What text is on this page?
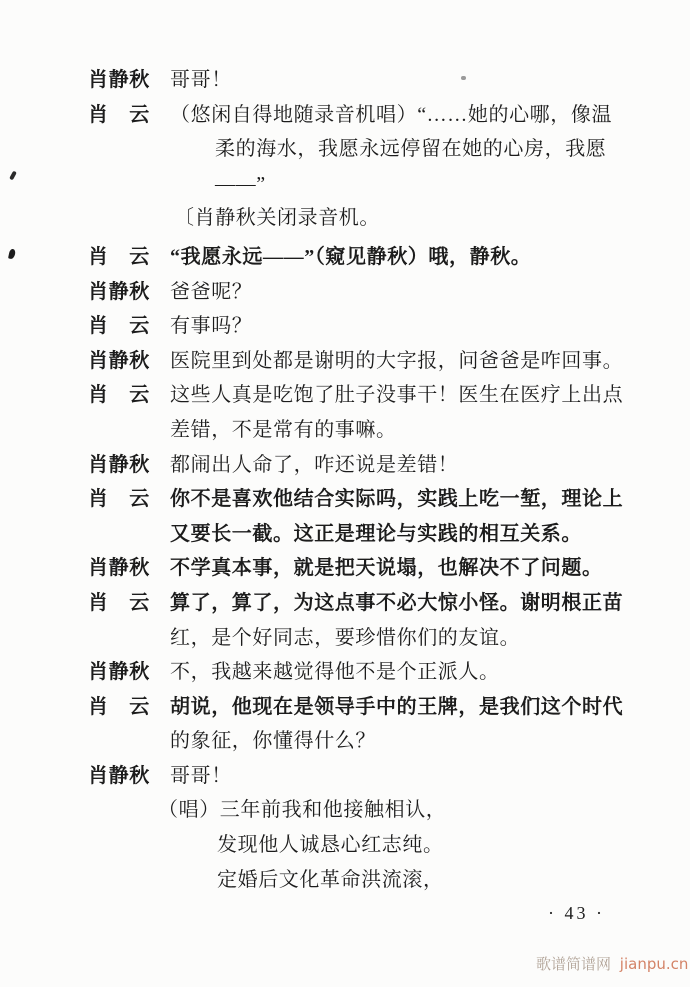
肖静秋	哥哥！
肖　云	（悠闲自得地随录音机唱）“……她的心哪，像温
柔的海水，我愿永远停留在她的心房，我愿
——”
〔肖静秋关闭录音机。
肖　云	“我愿永远——”（窥见静秋）哦，静秋。
肖静秋	爸爸呢？
肖　云	有事吗？
肖静秋	医院里到处都是谢明的大字报，问爸爸是咋回事。
肖　云	这些人真是吃饱了肚子没事干！医生在医疗上出点
差错，不是常有的事嘛。
肖静秋	都闹出人命了，咋还说是差错！
肖　云	你不是喜欢他结合实际吗，实践上吃一堑，理论上
又要长一截。这正是理论与实践的相互关系。
肖静秋	不学真本事，就是把天说塌，也解决不了问题。
肖　云	算了，算了，为这点事不必大惊小怪。谢明根正苗
红，是个好同志，要珍惜你们的友谊。
肖静秋	不，我越来越觉得他不是个正派人。
肖　云	胡说，他现在是领导手中的王牌，是我们这个时代
的象征，你懂得什么？
肖静秋	哥哥！
（唱）三年前我和他接触相认，
发现他人诚恳心红志纯。
定婚后文化革命洪流滚，
· 43 ·
歌谱简谱网 jianpu.cn
